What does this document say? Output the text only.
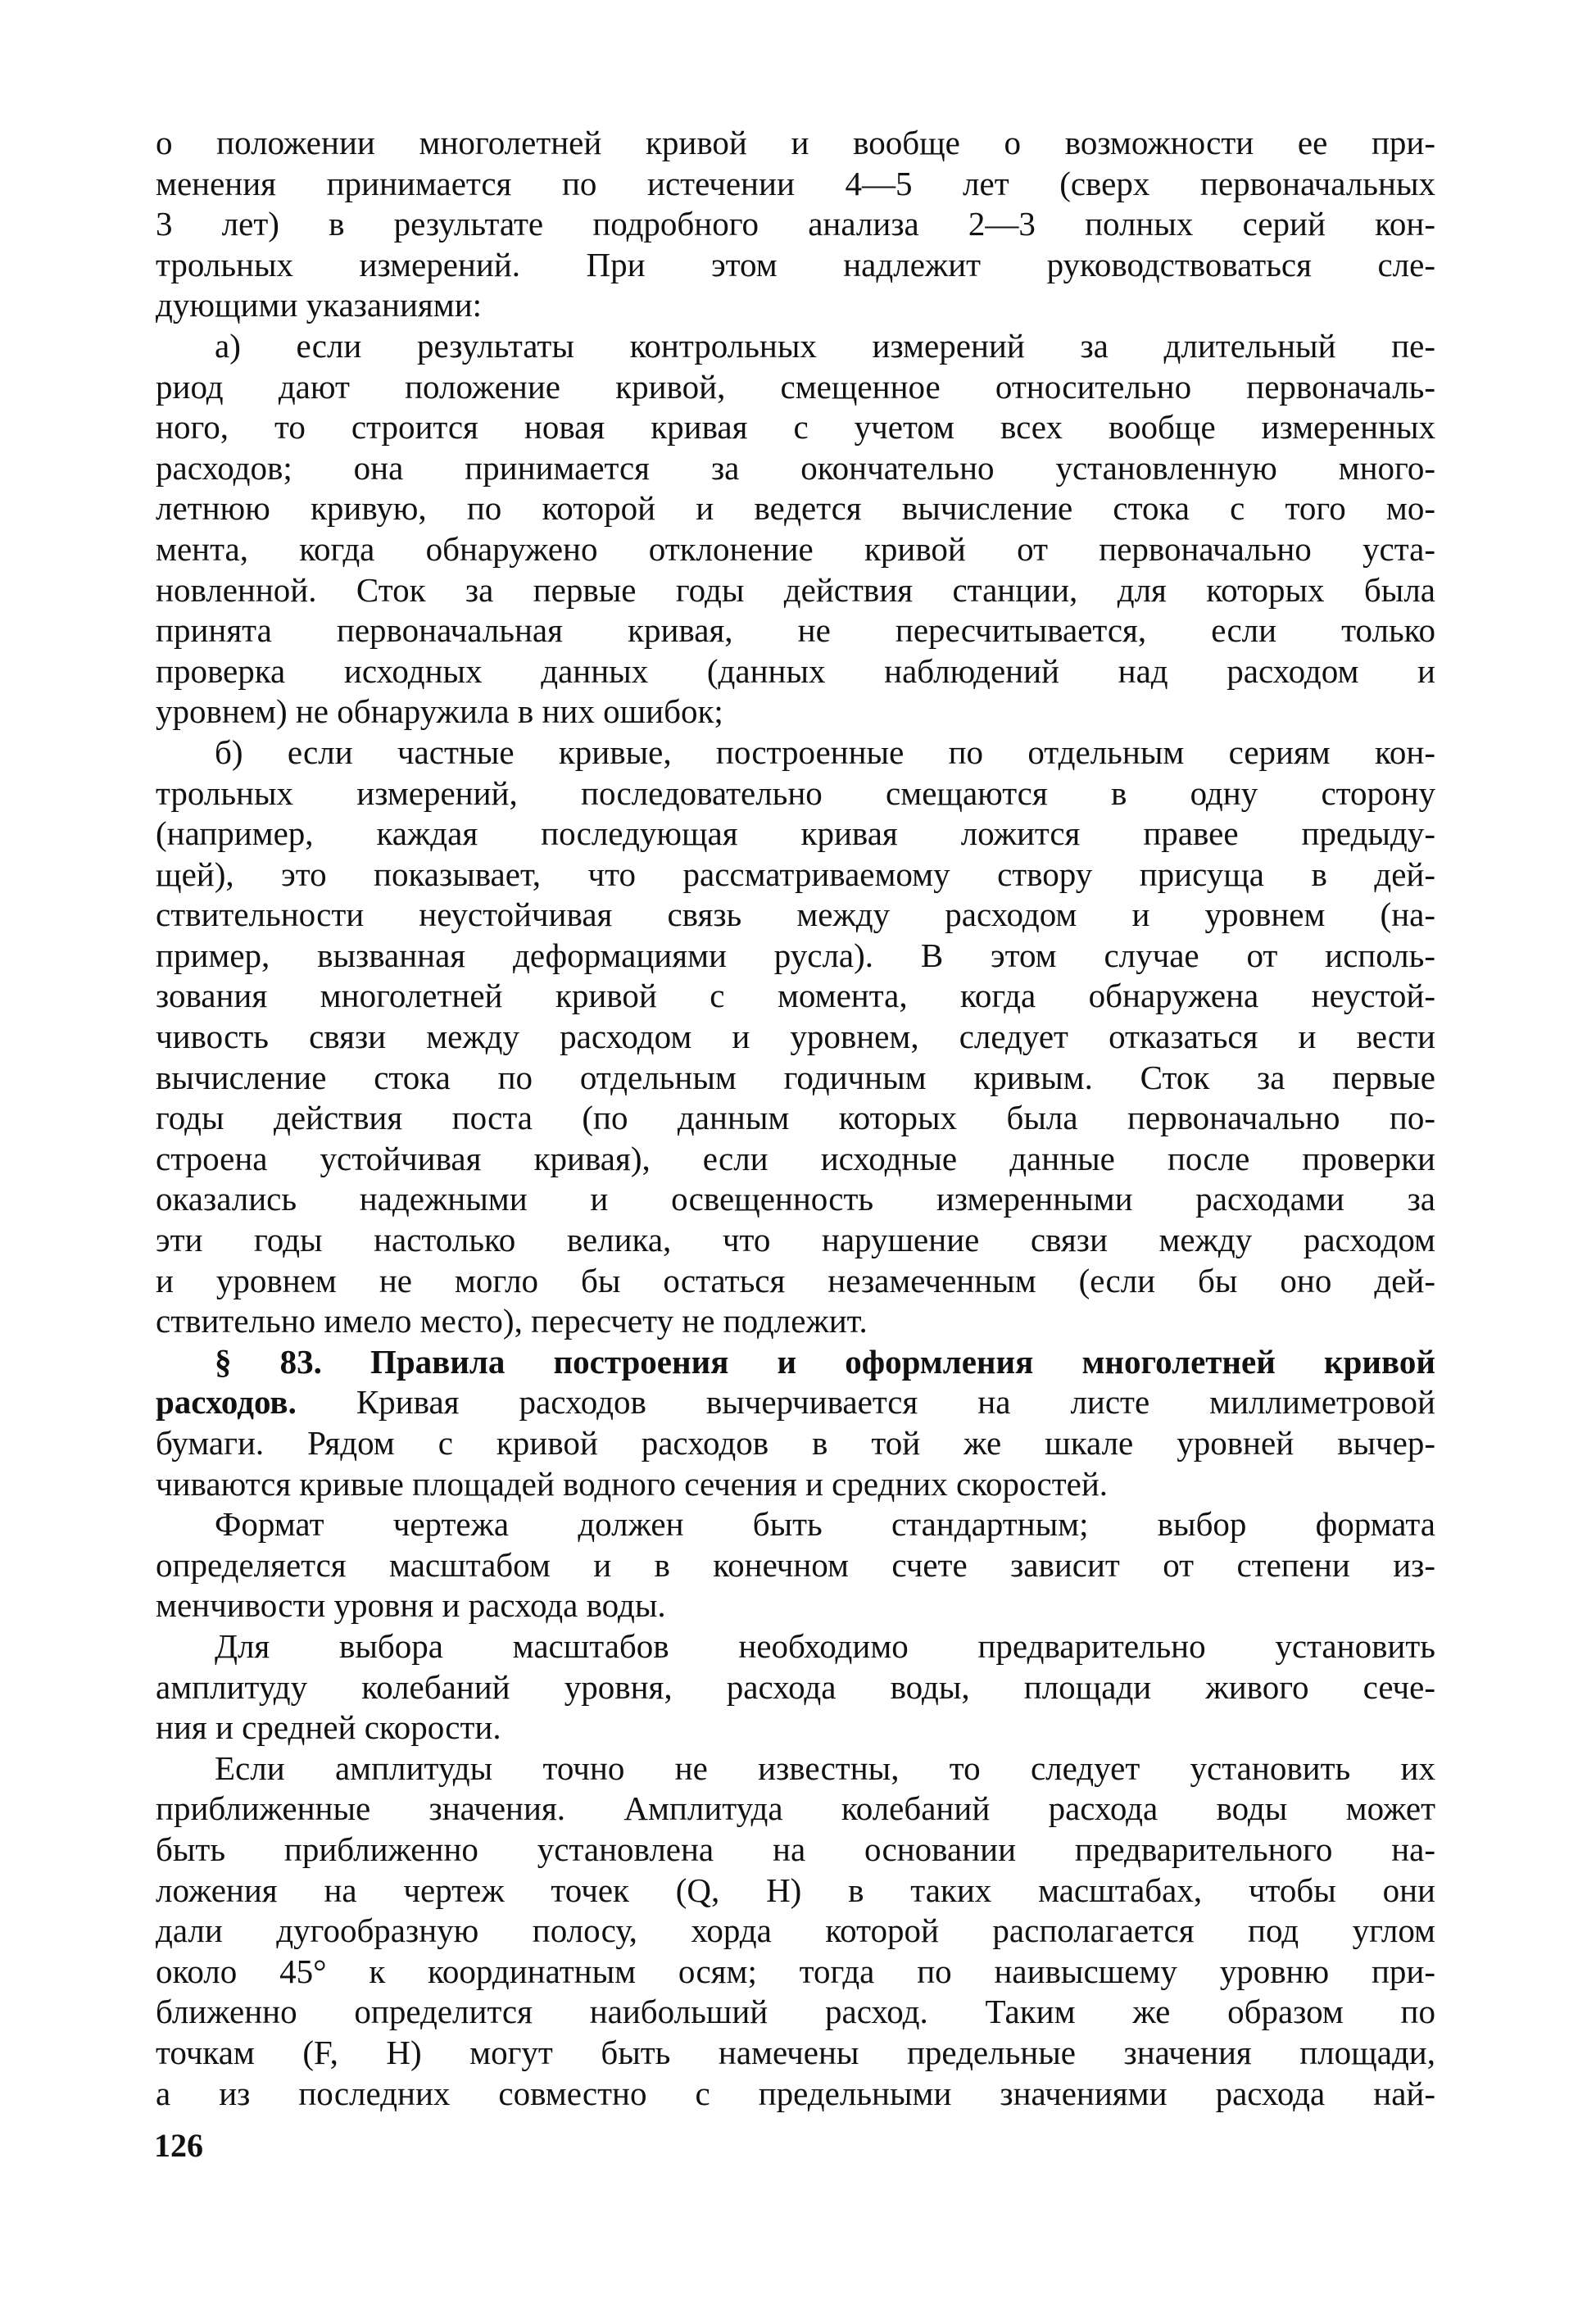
о положении многолетней кривой и вообще о возможности ее при-
менения принимается по истечении 4—5 лет (сверх первоначальных
3 лет) в результате подробного анализа 2—3 полных серий кон-
трольных измерений. При этом надлежит руководствоваться сле-
дующими указаниями:
а) если результаты контрольных измерений за длительный пе-
риод дают положение кривой, смещенное относительно первоначаль-
ного, то строится новая кривая с учетом всех вообще измеренных
расходов; она принимается за окончательно установленную много-
летнюю кривую, по которой и ведется вычисление стока с того мо-
мента, когда обнаружено отклонение кривой от первоначально уста-
новленной. Сток за первые годы действия станции, для которых была
принята первоначальная кривая, не пересчитывается, если только
проверка исходных данных (данных наблюдений над расходом и
уровнем) не обнаружила в них ошибок;
б) если частные кривые, построенные по отдельным сериям кон-
трольных измерений, последовательно смещаются в одну сторону
(например, каждая последующая кривая ложится правее предыду-
щей), это показывает, что рассматриваемому створу присуща в дей-
ствительности неустойчивая связь между расходом и уровнем (на-
пример, вызванная деформациями русла). В этом случае от исполь-
зования многолетней кривой с момента, когда обнаружена неустой-
чивость связи между расходом и уровнем, следует отказаться и вести
вычисление стока по отдельным годичным кривым. Сток за первые
годы действия поста (по данным которых была первоначально по-
строена устойчивая кривая), если исходные данные после проверки
оказались надежными и освещенность измеренными расходами за
эти годы настолько велика, что нарушение связи между расходом
и уровнем не могло бы остаться незамеченным (если бы оно дей-
ствительно имело место), пересчету не подлежит.
§ 83. Правила построения и оформления многолетней кривой
расходов. Кривая расходов вычерчивается на листе миллиметровой
бумаги. Рядом с кривой расходов в той же шкале уровней вычер-
чиваются кривые площадей водного сечения и средних скоростей.
Формат чертежа должен быть стандартным; выбор формата
определяется масштабом и в конечном счете зависит от степени из-
менчивости уровня и расхода воды.
Для выбора масштабов необходимо предварительно установить
амплитуду колебаний уровня, расхода воды, площади живого сече-
ния и средней скорости.
Если амплитуды точно не известны, то следует установить их
приближенные значения. Амплитуда колебаний расхода воды может
быть приближенно установлена на основании предварительного на-
ложения на чертеж точек (Q, H) в таких масштабах, чтобы они
дали дугообразную полосу, хорда которой располагается под углом
около 45° к координатным осям; тогда по наивысшему уровню при-
ближенно определится наибольший расход. Таким же образом по
точкам (F, H) могут быть намечены предельные значения площади,
а из последних совместно с предельными значениями расхода най-
126
